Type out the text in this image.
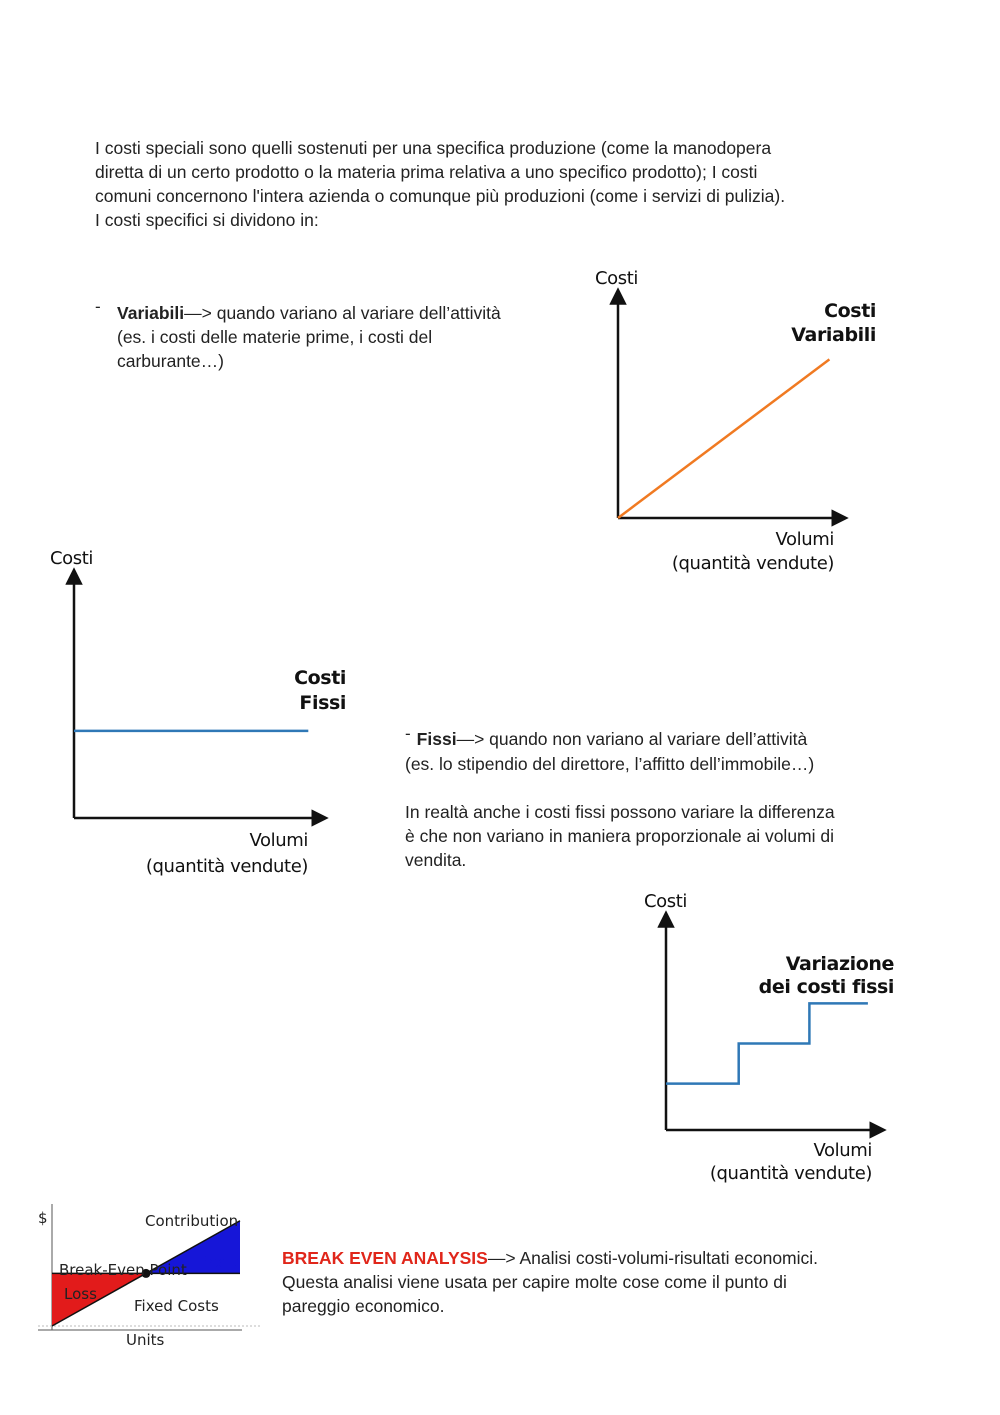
I costi speciali sono quelli sostenuti per una specifica produzione (come la manodopera
diretta di un certo prodotto o la materia prima relativa a uno specifico prodotto); I costi
comuni concernono l'intera azienda o comunque più produzioni (come i servizi di pulizia).
I costi specifici si dividono in:
- Variabili—> quando variano al variare dell’attività
(es. i costi delle materie prime, i costi del
carburante…)
Costi
Costi
Variabili
Volumi
(quantità vendute)
Costi
Costi
Fissi
Volumi
(quantità vendute)
- Fissi—> quando non variano al variare dell’attività
(es. lo stipendio del direttore, l’affitto dell’immobile…)
In realtà anche i costi fissi possono variare la differenza
è che non variano in maniera proporzionale ai volumi di
vendita.
Costi
Variazione
dei costi fissi
Volumi
(quantità vendute)
$	Contribution
Break-Even Point Profit
Loss
Fixed Costs
Units
BREAK EVEN ANALYSIS—> Analisi costi-volumi-risultati economici.
Questa analisi viene usata per capire molte cose come il punto di
pareggio economico.
